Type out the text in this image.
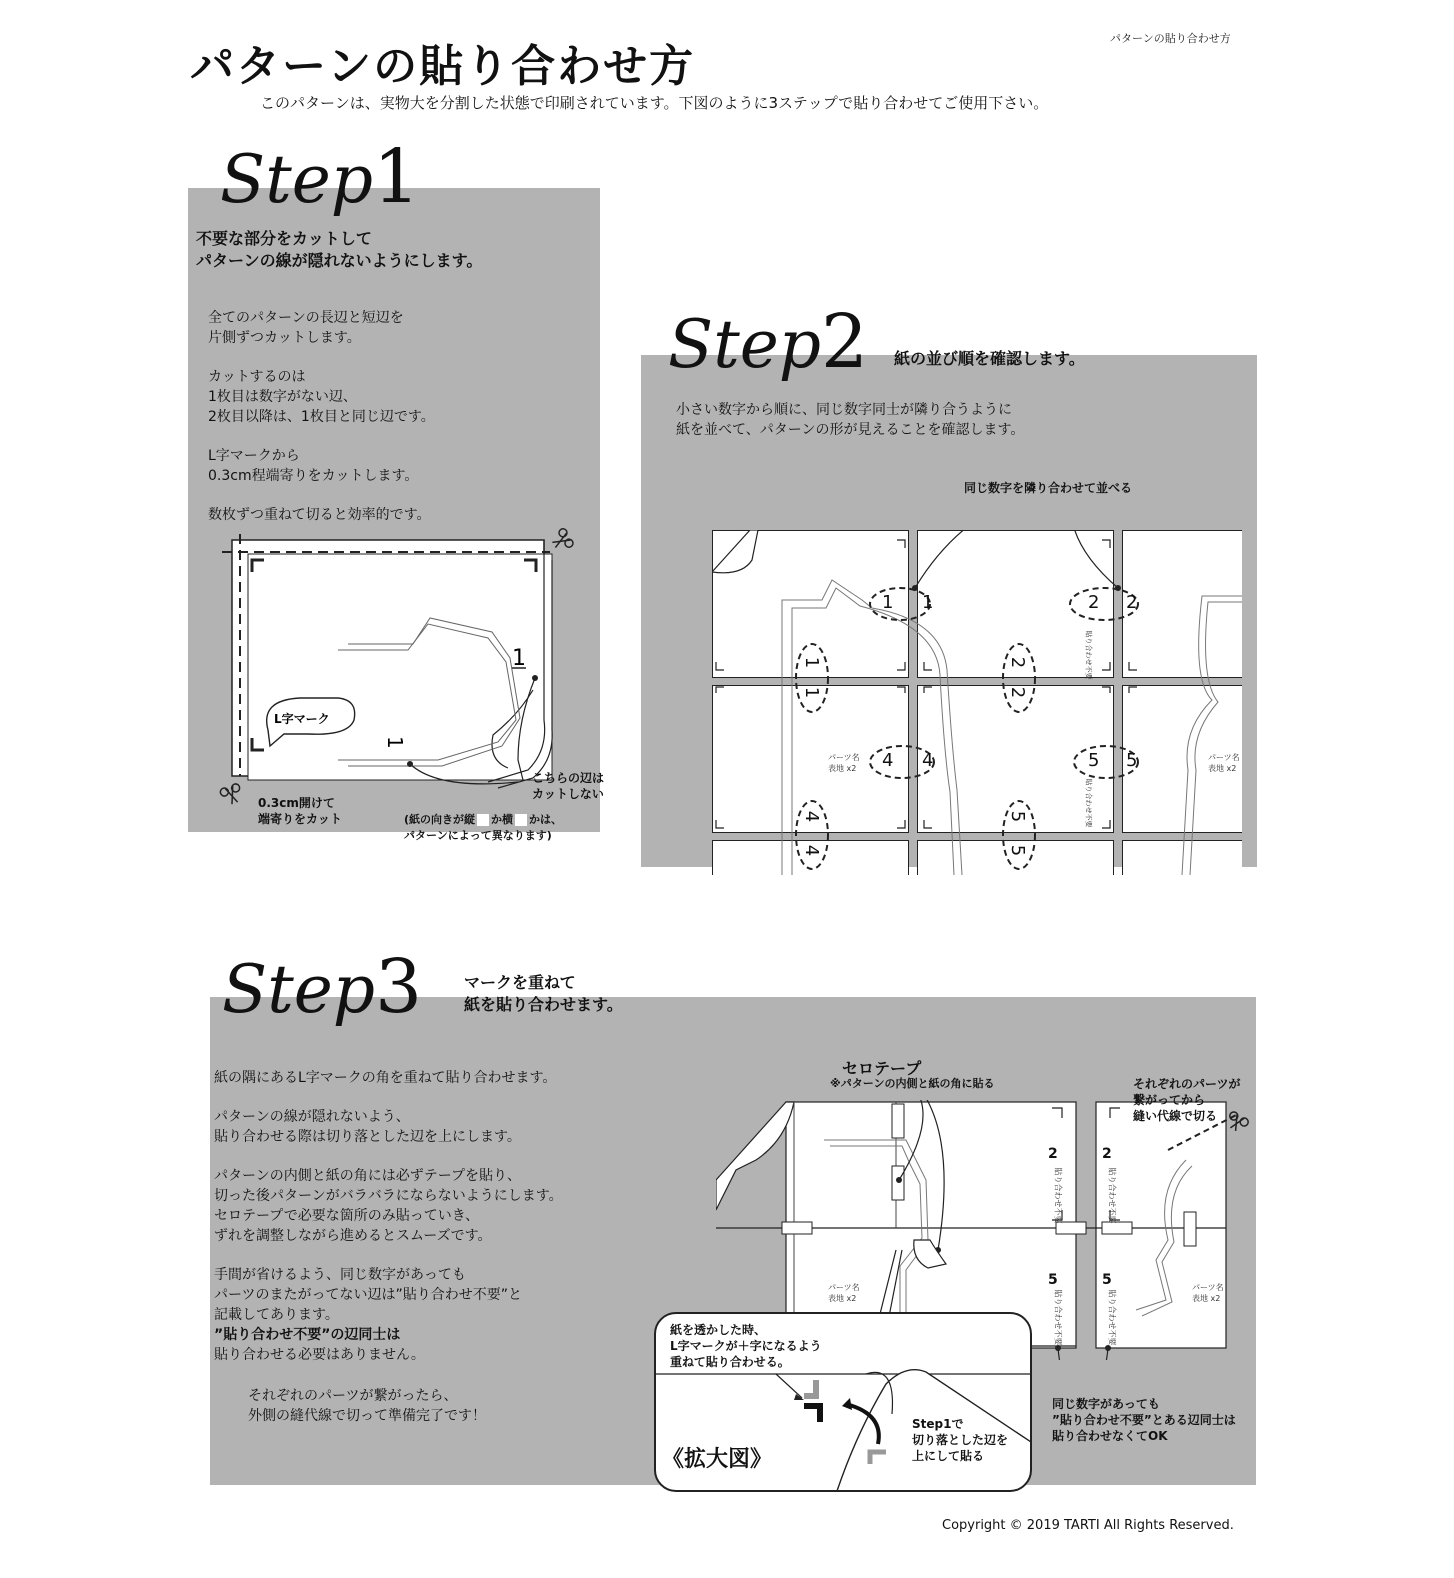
パターンの貼り合わせ方
パターンの貼り合わせ方
このパターンは、実物大を分割した状態で印刷されています。下図のように3ステップで貼り合わせてご使用下さい。
Step1
不要な部分をカットして
パターンの線が隠れないようにします。

全てのパターンの長辺と短辺を
片側ずつカットします。

カットするのは
1枚目は数字がない辺、
2枚目以降は、1枚目と同じ辺です。

L字マークから
0.3cm程端寄りをカットします。

数枚ずつ重ねて切ると効率的です。

1
1
L字マーク
0.3cm開けて
端寄りをカット
こちらの辺は
カットしない
(紙の向きが縦 か横 かは、
パターンによって異なります)
Step2 紙の並び順を確認します。
小さい数字から順に、同じ数字同士が隣り合うように
紙を並べて、パターンの形が見えることを確認します。
同じ数字を隣り合わせて並べる
1 1	2 2
4 4	5 5
1
1
2
2
4
4
5
5
パーツ名
表地 x2
パーツ名
表地 x2
貼り合わせ不要
貼り合わせ不要
Step3	マークを重ねて
紙を貼り合わせます。

紙の隅にあるL字マークの角を重ねて貼り合わせます。

パターンの線が隠れないよう、
貼り合わせる際は切り落とした辺を上にします。

パターンの内側と紙の角には必ずテープを貼り、
切った後パターンがバラバラにならないようにします。
セロテープで必要な箇所のみ貼っていき、
ずれを調整しながら進めるとスムーズです。

手間が省けるよう、同じ数字があっても
パーツのまたがってない辺は”貼り合わせ不要”と
記載してあります。
”貼り合わせ不要”の辺同士は
貼り合わせる必要はありません。

それぞれのパーツが繋がったら、
外側の縫代線で切って準備完了です！
2	2
5	5
貼り合わせ不要	貼り合わせ不要
貼り合わせ不要	貼り合わせ不要
パーツ名
表地 x2
パーツ名
表地 x2
セロテープ
※パターンの内側と紙の角に貼る	それぞれのパーツが
繋がってから
縫い代線で切る
同じ数字があっても
”貼り合わせ不要”とある辺同士は
貼り合わせなくてOK
紙を透かした時、
L字マークが＋字になるよう
重ねて貼り合わせる。
Step1で
切り落とした辺を
上にして貼る
《拡大図》
Copyright © 2019 TARTI All Rights Reserved.
